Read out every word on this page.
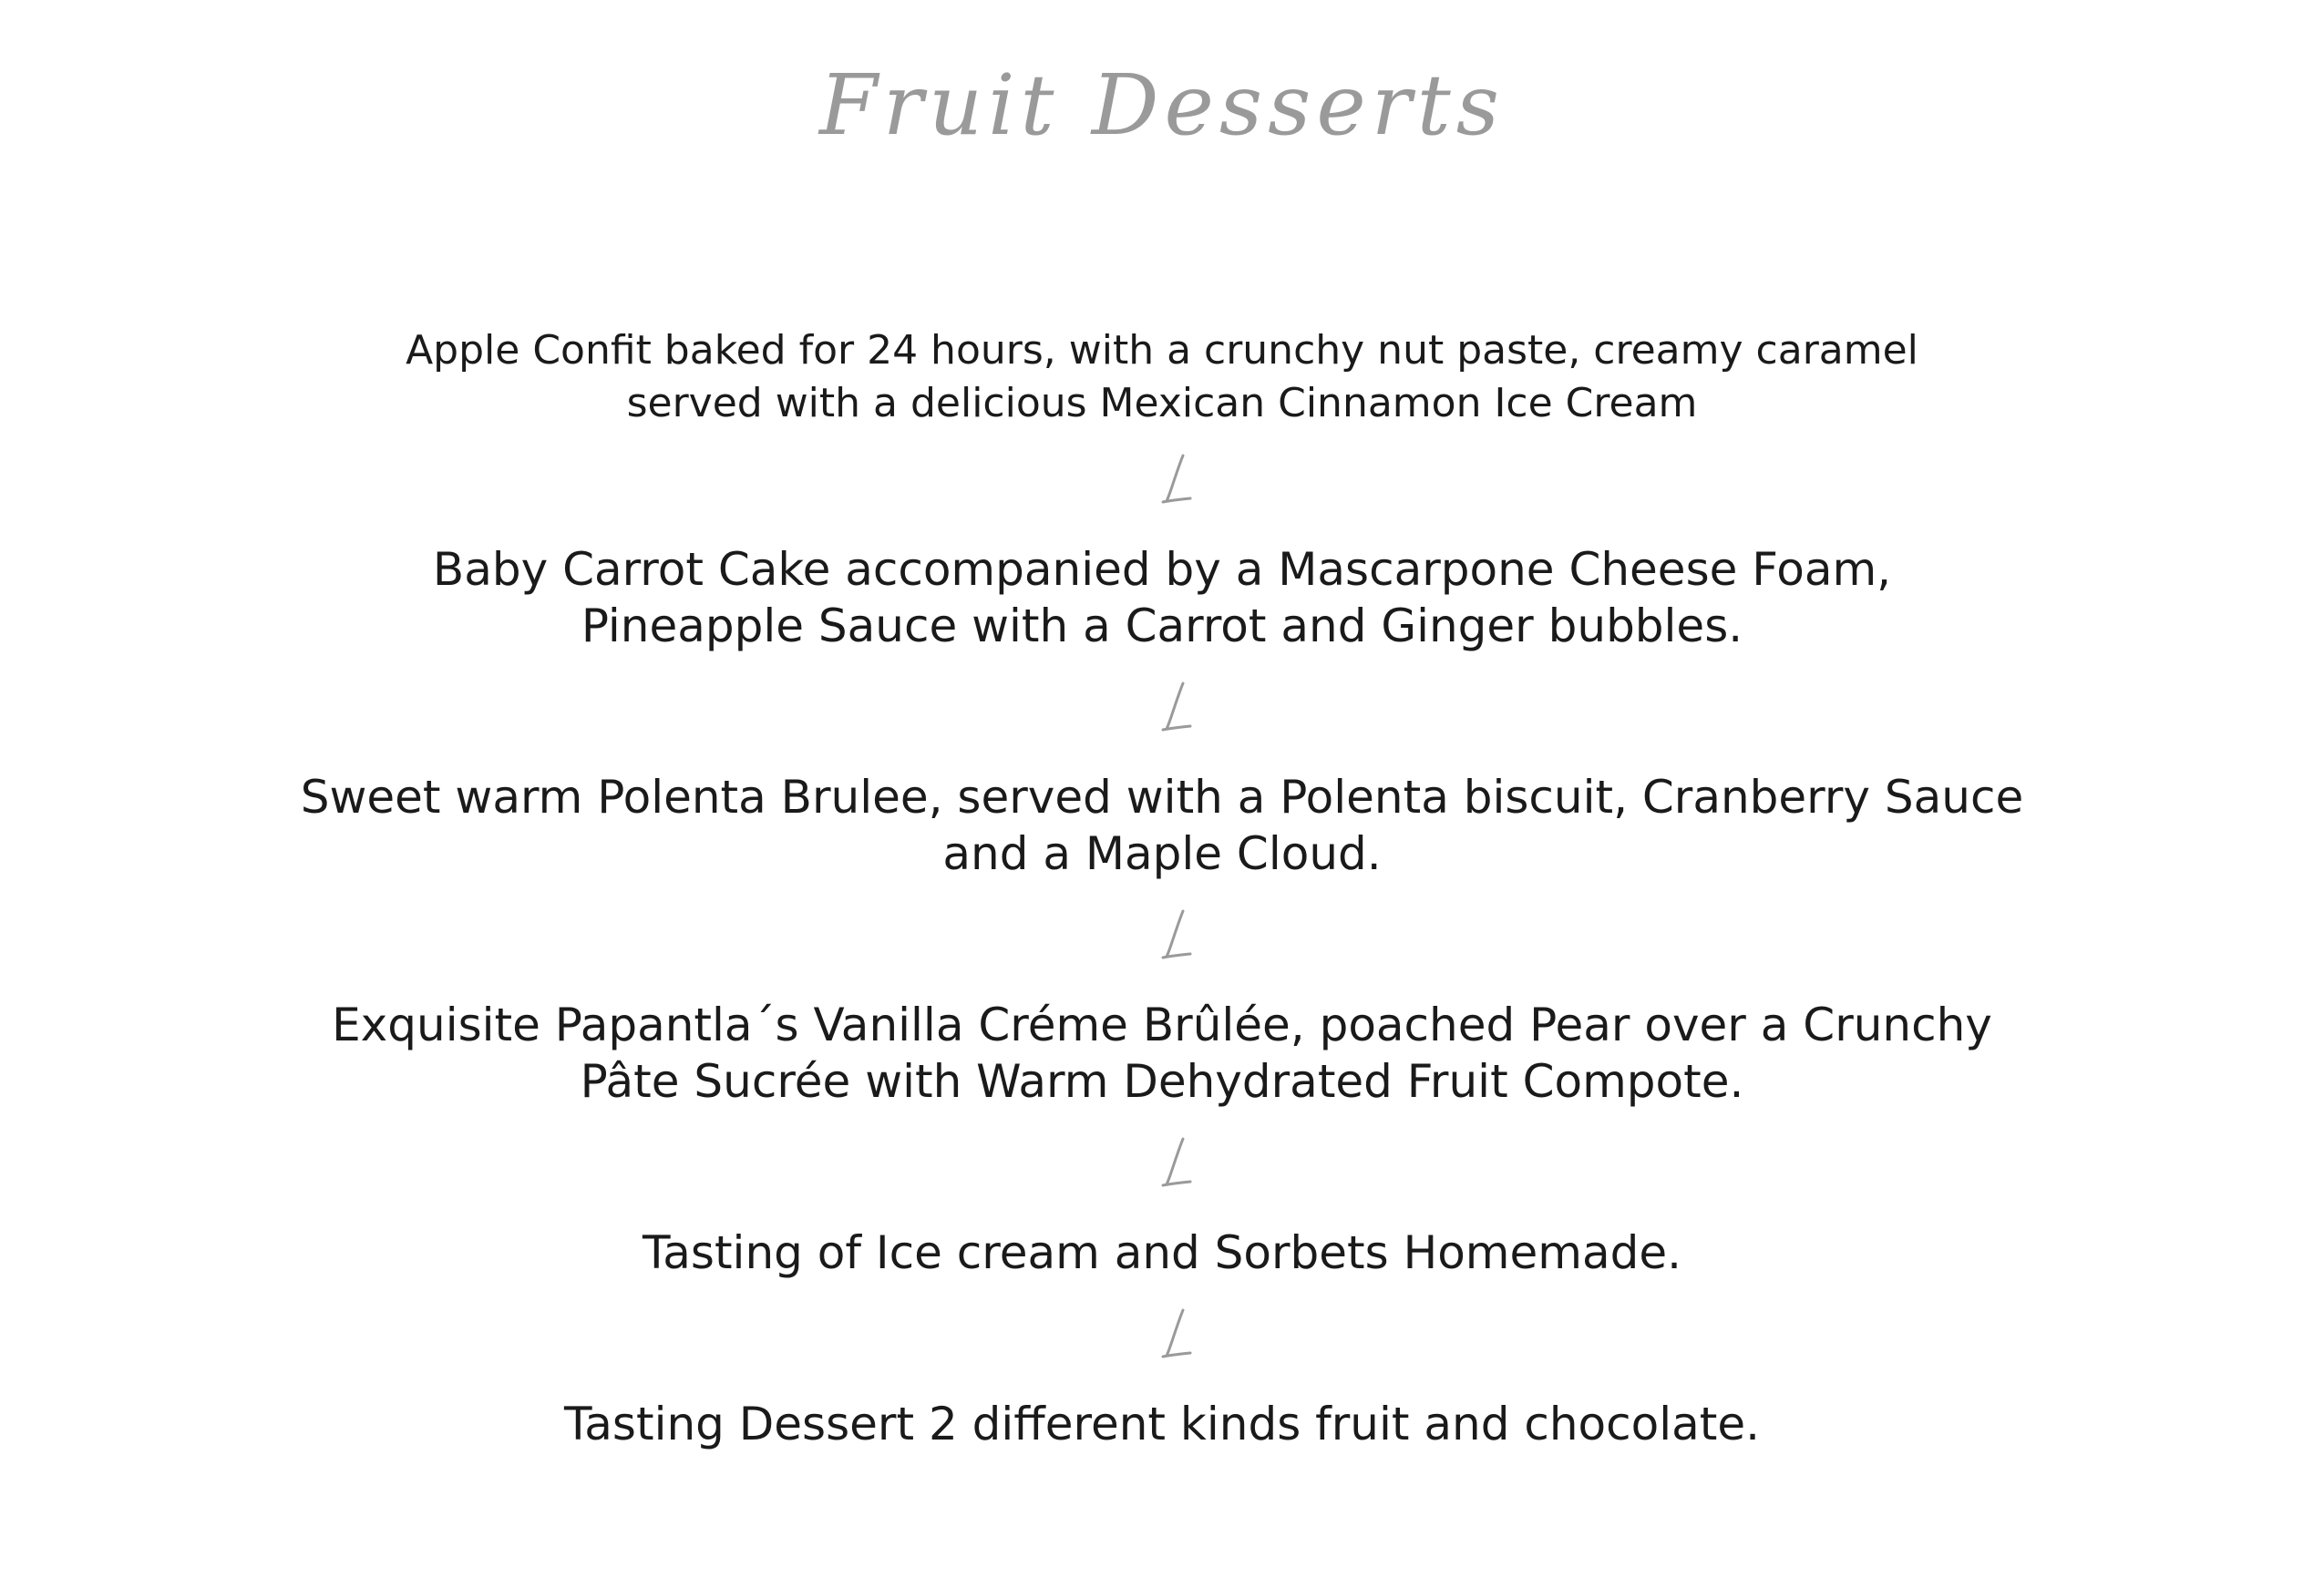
Fruit Desserts
Apple Confit baked for 24 hours, with a crunchy nut paste, creamy caramel
served with a delicious Mexican Cinnamon Ice Cream
Baby Carrot Cake accompanied by a Mascarpone Cheese Foam,
Pineapple Sauce with a Carrot and Ginger bubbles.
Sweet warm Polenta Brulee, served with a Polenta biscuit, Cranberry Sauce
and a Maple Cloud.
Exquisite Papantla´s Vanilla Créme Brûlée, poached Pear over a Crunchy
Pâte Sucrée with Warm Dehydrated Fruit Compote.
Tasting of Ice cream and Sorbets Homemade.
Tasting Dessert 2 different kinds fruit and chocolate.
